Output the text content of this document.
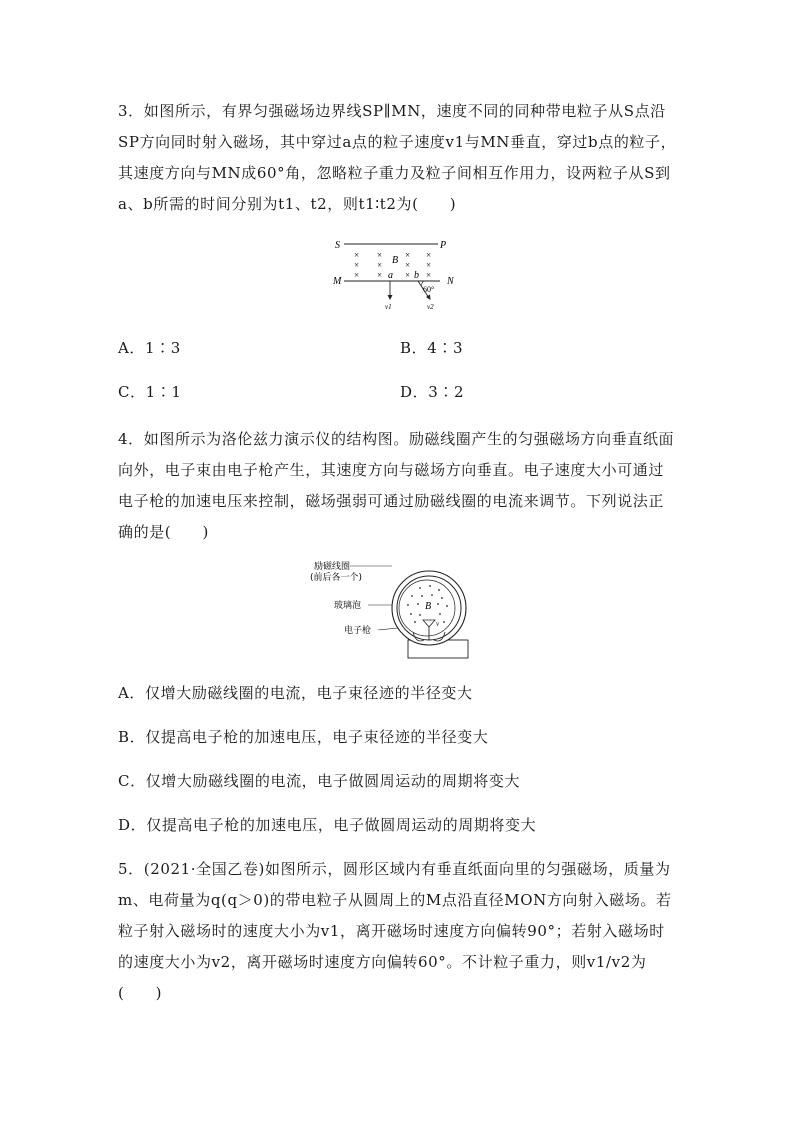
3．如图所示，有界匀强磁场边界线SP∥MN，速度不同的同种带电粒子从S点沿SP方向同时射入磁场，其中穿过a点的粒子速度v1与MN垂直，穿过b点的粒子，其速度方向与MN成60°角，忽略粒子重力及粒子间相互作用力，设两粒子从S到a、b所需的时间分别为t1、t2，则t1∶t2为(　　)

S	P
M	N
× ×	× ×
× ×	× ×
× ×	× ×
B
a b
v1	v2
60°

A．1∶3	B．4∶3

C．1∶1	D．3∶2

4．如图所示为洛伦兹力演示仪的结构图。励磁线圈产生的匀强磁场方向垂直纸面向外，电子束由电子枪产生，其速度方向与磁场方向垂直。电子速度大小可通过电子枪的加速电压来控制，磁场强弱可通过励磁线圈的电流来调节。下列说法正确的是(　　)

励磁线圈
(前后各一个)
玻璃泡
电子枪
B
v

A．仅增大励磁线圈的电流，电子束径迹的半径变大

B．仅提高电子枪的加速电压，电子束径迹的半径变大

C．仅增大励磁线圈的电流，电子做圆周运动的周期将变大

D．仅提高电子枪的加速电压，电子做圆周运动的周期将变大

5．(2021·全国乙卷)如图所示，圆形区域内有垂直纸面向里的匀强磁场，质量为m、电荷量为q(q＞0)的带电粒子从圆周上的M点沿直径MON方向射入磁场。若粒子射入磁场时的速度大小为v1，离开磁场时速度方向偏转90°；若射入磁场时的速度大小为v2，离开磁场时速度方向偏转60°。不计粒子重力，则v1/v2为(　　)
